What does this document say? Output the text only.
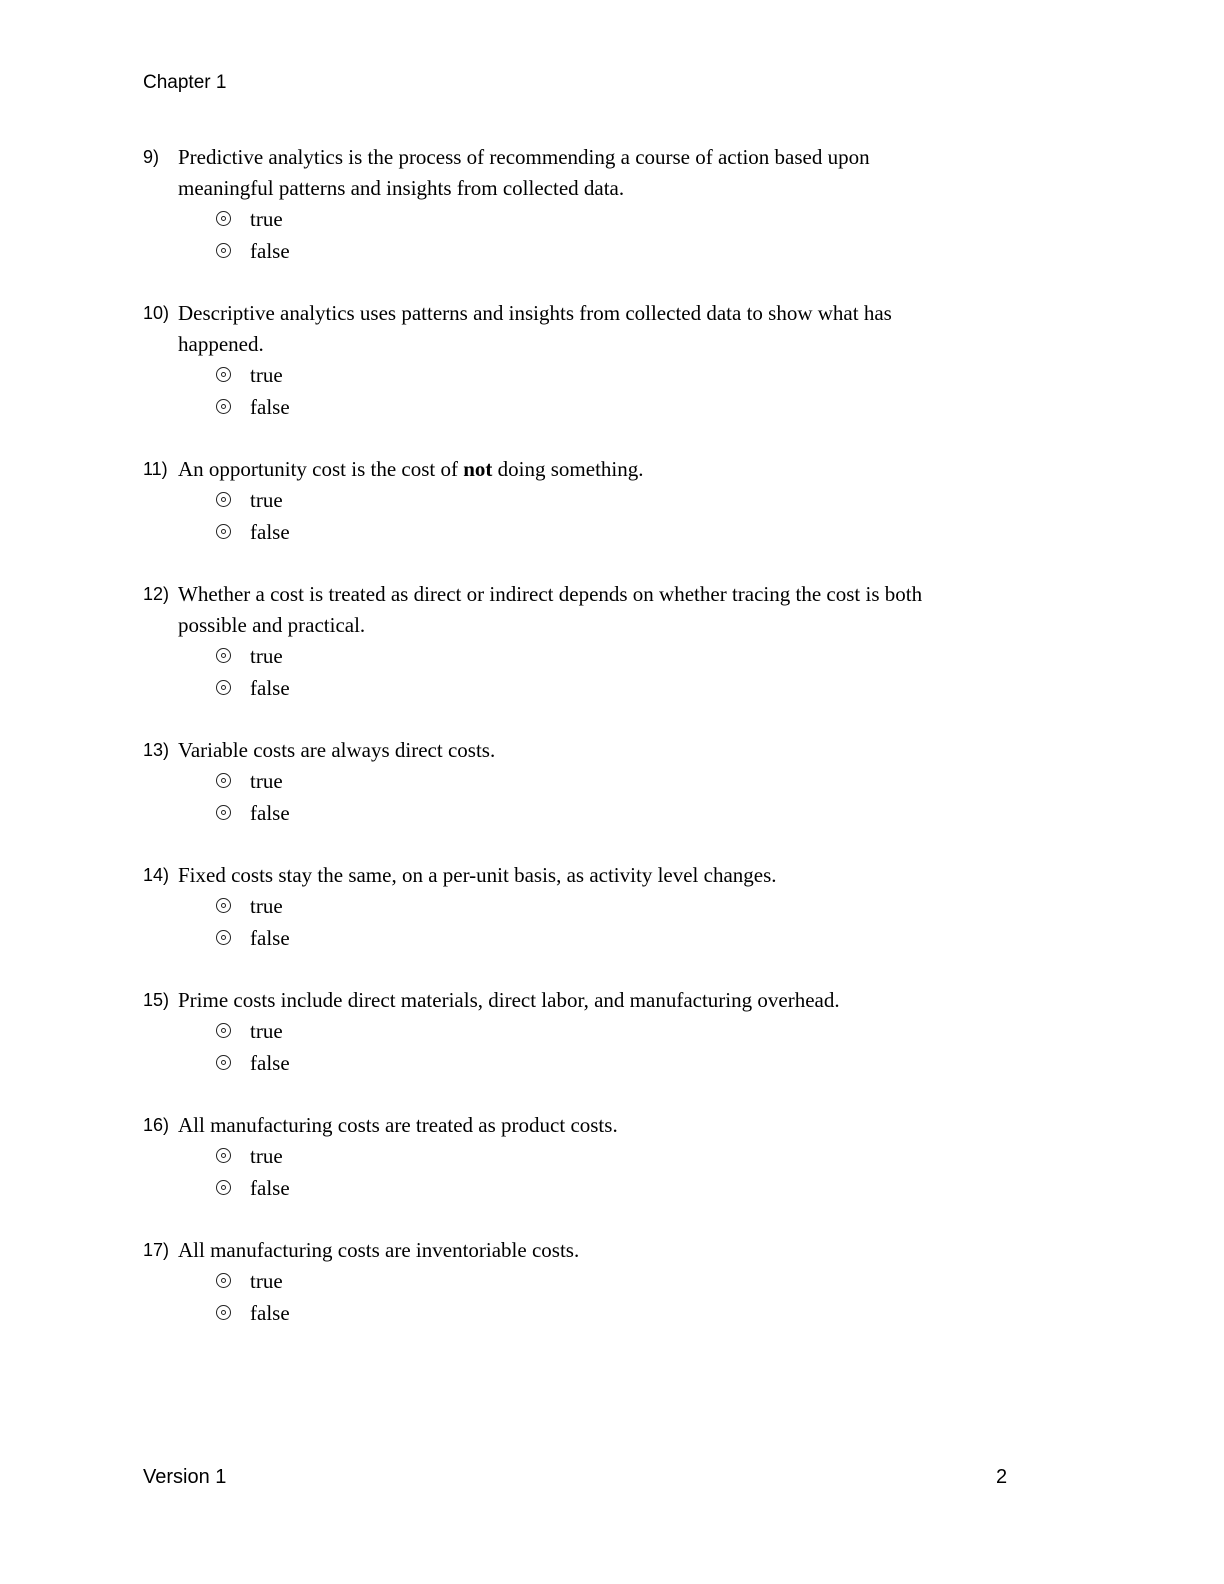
Chapter 1
9) Predictive analytics is the process of recommending a course of action based upon
meaningful patterns and insights from collected data.
true
false
10) Descriptive analytics uses patterns and insights from collected data to show what has
happened.
true
false
11) An opportunity cost is the cost of not doing something.
true
false
12) Whether a cost is treated as direct or indirect depends on whether tracing the cost is both
possible and practical.
true
false
13) Variable costs are always direct costs.
true
false
14) Fixed costs stay the same, on a per-unit basis, as activity level changes.
true
false
15) Prime costs include direct materials, direct labor, and manufacturing overhead.
true
false
16) All manufacturing costs are treated as product costs.
true
false
17) All manufacturing costs are inventoriable costs.
true
false
Version 1	2
